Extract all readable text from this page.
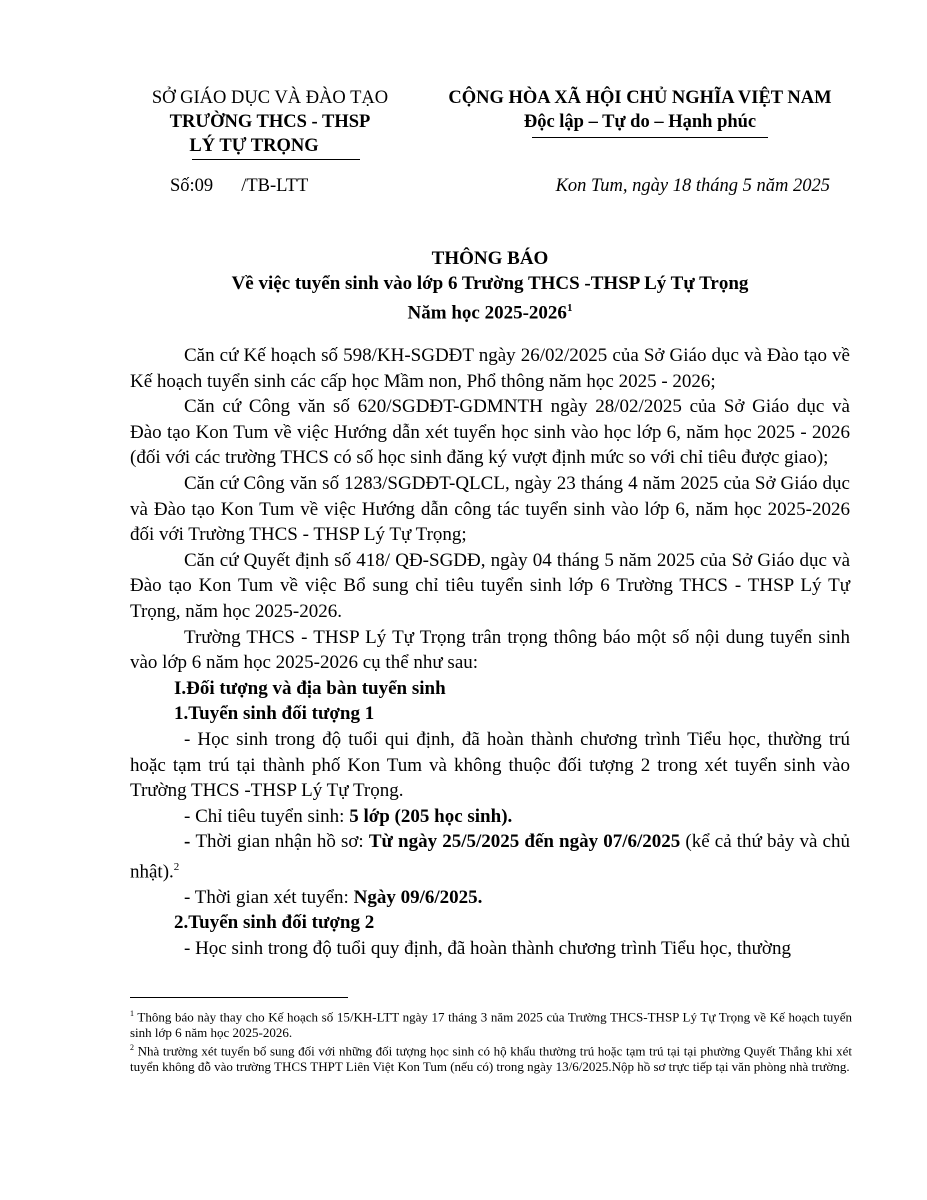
SỞ GIÁO DỤC VÀ ĐÀO TẠO
TRƯỜNG THCS - THSP
LÝ TỰ TRỌNG
CỘNG HÒA XÃ HỘI CHỦ NGHĨA VIỆT NAM
Độc lập – Tự do – Hạnh phúc
Số:09 /TB-LTT	Kon Tum, ngày 18 tháng 5 năm 2025
THÔNG BÁO
Về việc tuyển sinh vào lớp 6 Trường THCS -THSP Lý Tự Trọng
Năm học 2025-2026$^1$

Căn cứ Kế hoạch số 598/KH-SGDĐT ngày 26/02/2025 của Sở Giáo dục và Đào tạo về Kế hoạch tuyển sinh các cấp học Mầm non, Phổ thông năm học 2025 - 2026;

Căn cứ Công văn số 620/SGDĐT-GDMNTH ngày 28/02/2025 của Sở Giáo dục và Đào tạo Kon Tum về việc Hướng dẫn xét tuyển học sinh vào học lớp 6, năm học 2025 - 2026 (đối với các trường THCS có số học sinh đăng ký vượt định mức so với chỉ tiêu được giao);

Căn cứ Công văn số 1283/SGDĐT-QLCL, ngày 23 tháng 4 năm 2025 của Sở Giáo dục và Đào tạo Kon Tum về việc Hướng dẫn công tác tuyển sinh vào lớp 6, năm học 2025-2026 đối với Trường THCS - THSP Lý Tự Trọng;

Căn cứ Quyết định số 418/ QĐ-SGDĐ, ngày 04 tháng 5 năm 2025 của Sở Giáo dục và Đào tạo Kon Tum về việc Bổ sung chỉ tiêu tuyển sinh lớp 6 Trường THCS - THSP Lý Tự Trọng, năm học 2025-2026.

Trường THCS - THSP Lý Tự Trọng trân trọng thông báo một số nội dung tuyển sinh vào lớp 6 năm học 2025-2026 cụ thể như sau:

I.Đối tượng và địa bàn tuyển sinh

1.Tuyển sinh đối tượng 1

- Học sinh trong độ tuổi qui định, đã hoàn thành chương trình Tiểu học, thường trú hoặc tạm trú tại thành phố Kon Tum và không thuộc đối tượng 2 trong xét tuyển sinh vào Trường THCS -THSP Lý Tự Trọng.

- Chỉ tiêu tuyển sinh: 5 lớp (205 học sinh).

- Thời gian nhận hồ sơ: Từ ngày 25/5/2025 đến ngày 07/6/2025 (kể cả thứ bảy và chủ nhật).$^2$

- Thời gian xét tuyển: Ngày 09/6/2025.

2.Tuyển sinh đối tượng 2

- Học sinh trong độ tuổi quy định, đã hoàn thành chương trình Tiểu học, thường

$^1$ Thông báo này thay cho Kế hoạch số 15/KH-LTT ngày 17 tháng 3 năm 2025 của Trường THCS-THSP Lý Tự Trọng về Kế hoạch tuyển sinh lớp 6 năm học 2025-2026.

$^2$ Nhà trường xét tuyển bổ sung đối với những đối tượng học sinh có hộ khẩu thường trú hoặc tạm trú tại tại phường Quyết Thắng khi xét tuyển không đỗ vào trường THCS THPT Liên Việt Kon Tum (nếu có) trong ngày 13/6/2025.Nộp hồ sơ trực tiếp tại văn phòng nhà trường.
